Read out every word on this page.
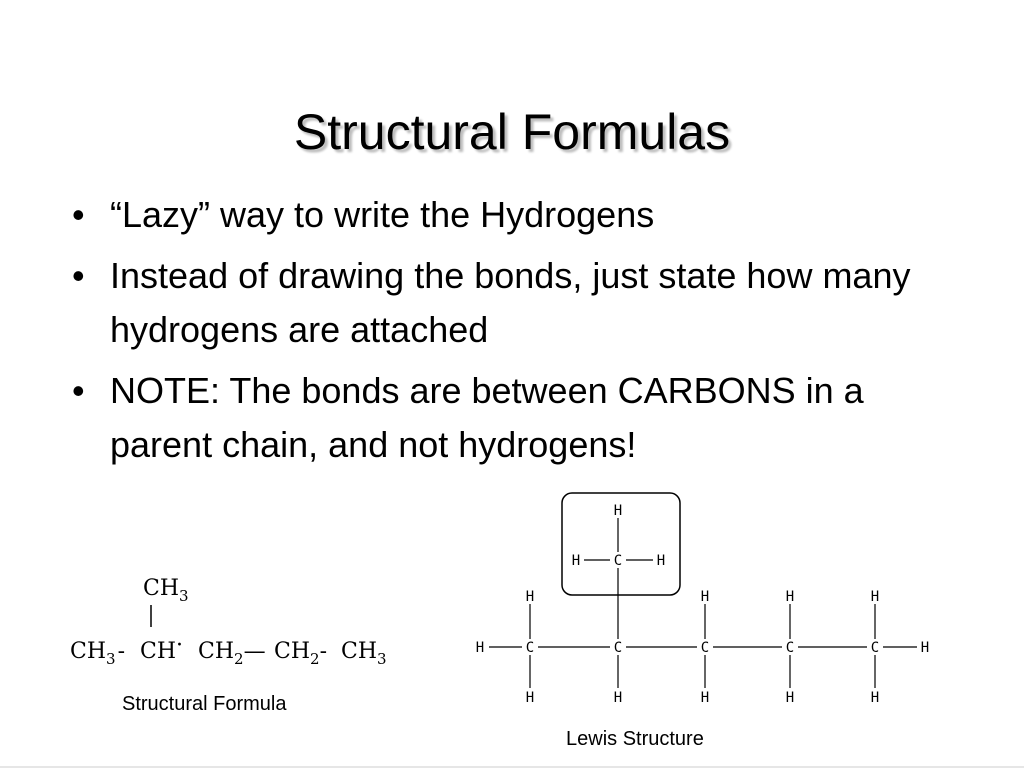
Structural Formulas
• “Lazy” way to write the Hydrogens
• Instead of drawing the bonds, just state how many hydrogens are attached
• NOTE: The bonds are between CARBONS in a parent chain, and not hydrogens!
$CH_3$
$CH_3-$ $CH\cdot CH_2—$ $CH_2-$ $CH_3$
Structural Formula
H	H
C
H
H
C
H
C
H
H
C
H
H
C
H
H
C
H
H	H
Lewis Structure
